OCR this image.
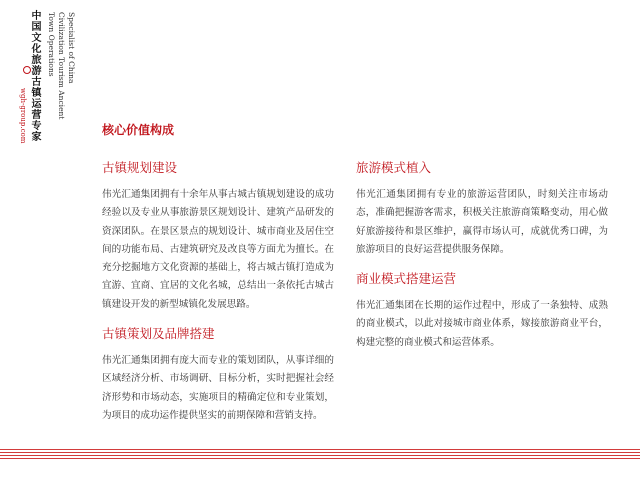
中国文化旅游古镇运营专家	Specialist of China
Civilization Tourism Ancient
Town Operations
wgh-group.com	核心价值构成
古镇规划建设

伟光汇通集团拥有十余年从事古城古镇规划建设的成功经验以及专业从事旅游景区规划设计、建筑产品研发的资深团队。在景区景点的规划设计、城市商业及居住空间的功能布局、古建筑研究及改良等方面尤为擅长。在充分挖掘地方文化资源的基础上，将古城古镇打造成为宜游、宜商、宜居的文化名城，总结出一条依托古城古镇建设开发的新型城镇化发展思路。

古镇策划及品牌搭建

伟光汇通集团拥有庞大而专业的策划团队，从事详细的区域经济分析、市场调研、目标分析，实时把握社会经济形势和市场动态，实施项目的精确定位和专业策划，为项目的成功运作提供坚实的前期保障和营销支持。

旅游模式植入

伟光汇通集团拥有专业的旅游运营团队，时刻关注市场动态，准确把握游客需求，积极关注旅游商策略变动，用心做好旅游接待和景区维护，赢得市场认可，成就优秀口碑，为旅游项目的良好运营提供服务保障。

商业模式搭建运营

伟光汇通集团在长期的运作过程中，形成了一条独特、成熟的商业模式，以此对接城市商业体系，嫁接旅游商业平台，构建完整的商业模式和运营体系。
